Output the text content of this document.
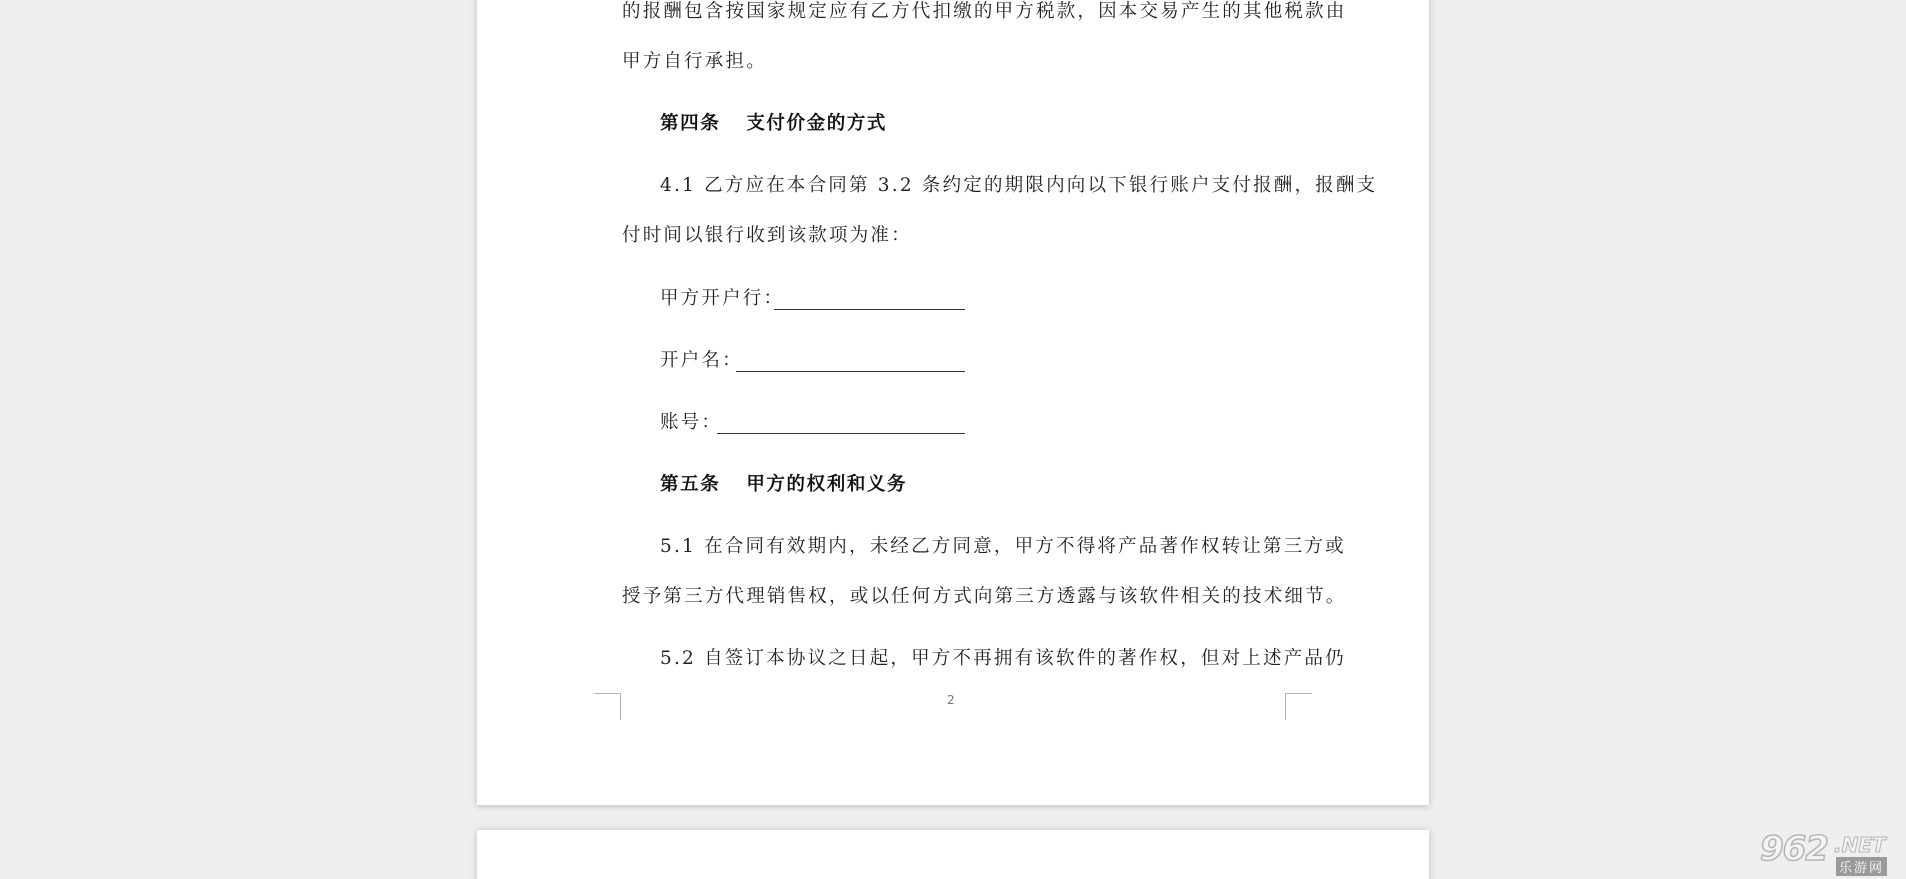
的报酬包含按国家规定应有乙方代扣缴的甲方税款，因本交易产生的其他税款由
甲方自行承担。
第四条 支付价金的方式
4.1 乙方应在本合同第 3.2 条约定的期限内向以下银行账户支付报酬，报酬支
付时间以银行收到该款项为准：
甲方开户行：
开户名：
账号：
第五条 甲方的权利和义务
5.1 在合同有效期内，未经乙方同意，甲方不得将产品著作权转让第三方或
授予第三方代理销售权，或以任何方式向第三方透露与该软件相关的技术细节。
5.2 自签订本协议之日起，甲方不再拥有该软件的著作权，但对上述产品仍
2
962 .NET
乐游网
